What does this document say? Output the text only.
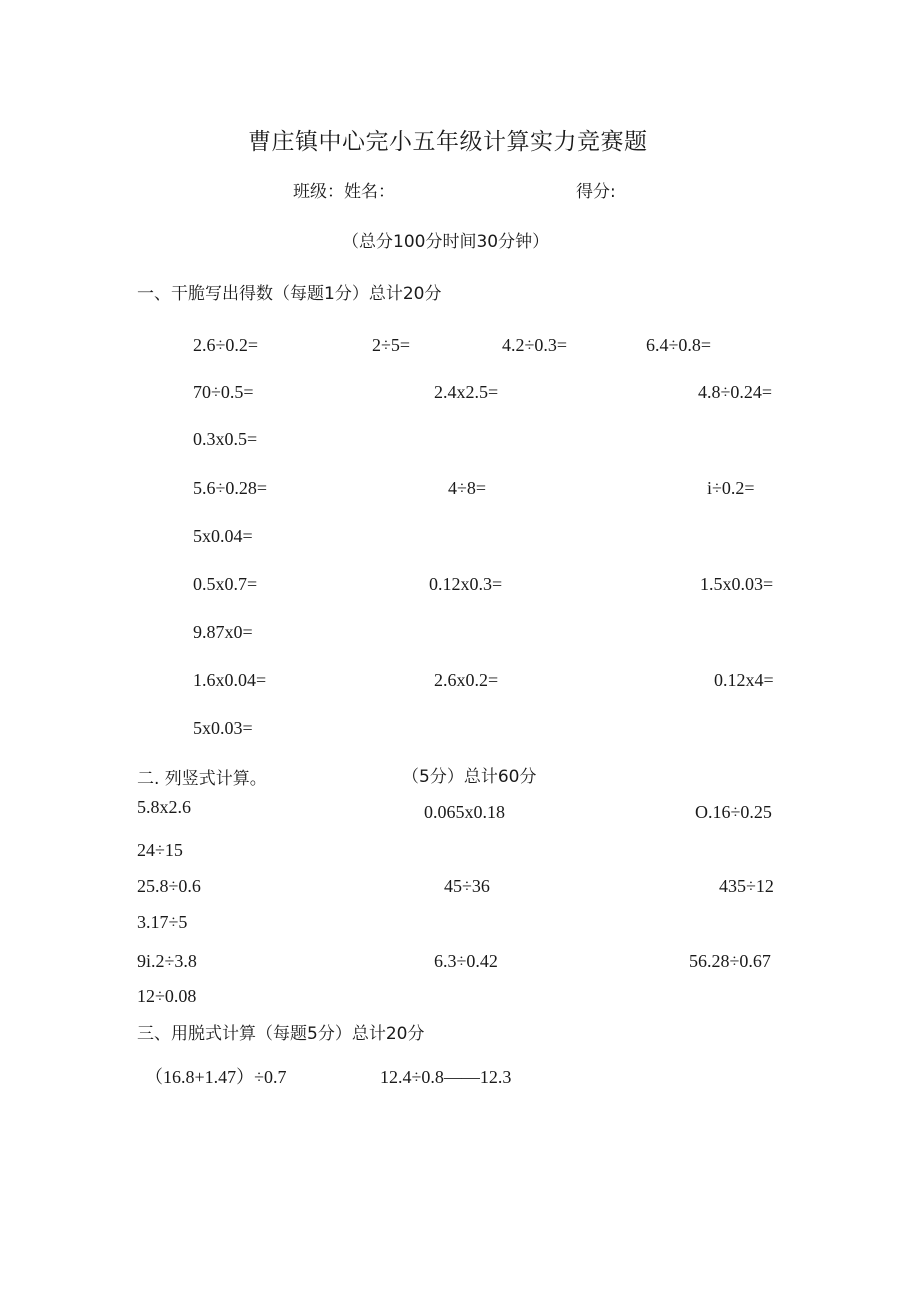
曹庄镇中心完小五年级计算实力竞赛题
班级：姓名：	得分:
（总分100分时间30分钟）
一、干脆写出得数（每题1分）总计20分
2.6÷0.2=	2÷5=	4.2÷0.3=	6.4÷0.8=
70÷0.5=	2.4x2.5=	4.8÷0.24=
0.3x0.5=
5.6÷0.28=	4÷8=	i÷0.2=
5x0.04=
0.5x0.7=	0.12x0.3=	1.5x0.03=
9.87x0=
1.6x0.04=	2.6x0.2=	0.12x4=
5x0.03=
二. 列竖式计算。	（5分）总计60分
5.8x2.6	0.065x0.18	O.16÷0.25
24÷15
25.8÷0.6	45÷36	435÷12
3.17÷5
9i.2÷3.8	6.3÷0.42	56.28÷0.67
12÷0.08
三、用脱式计算（每题5分）总计20分
（16.8+1.47）÷0.7	12.4÷0.8——12.3
